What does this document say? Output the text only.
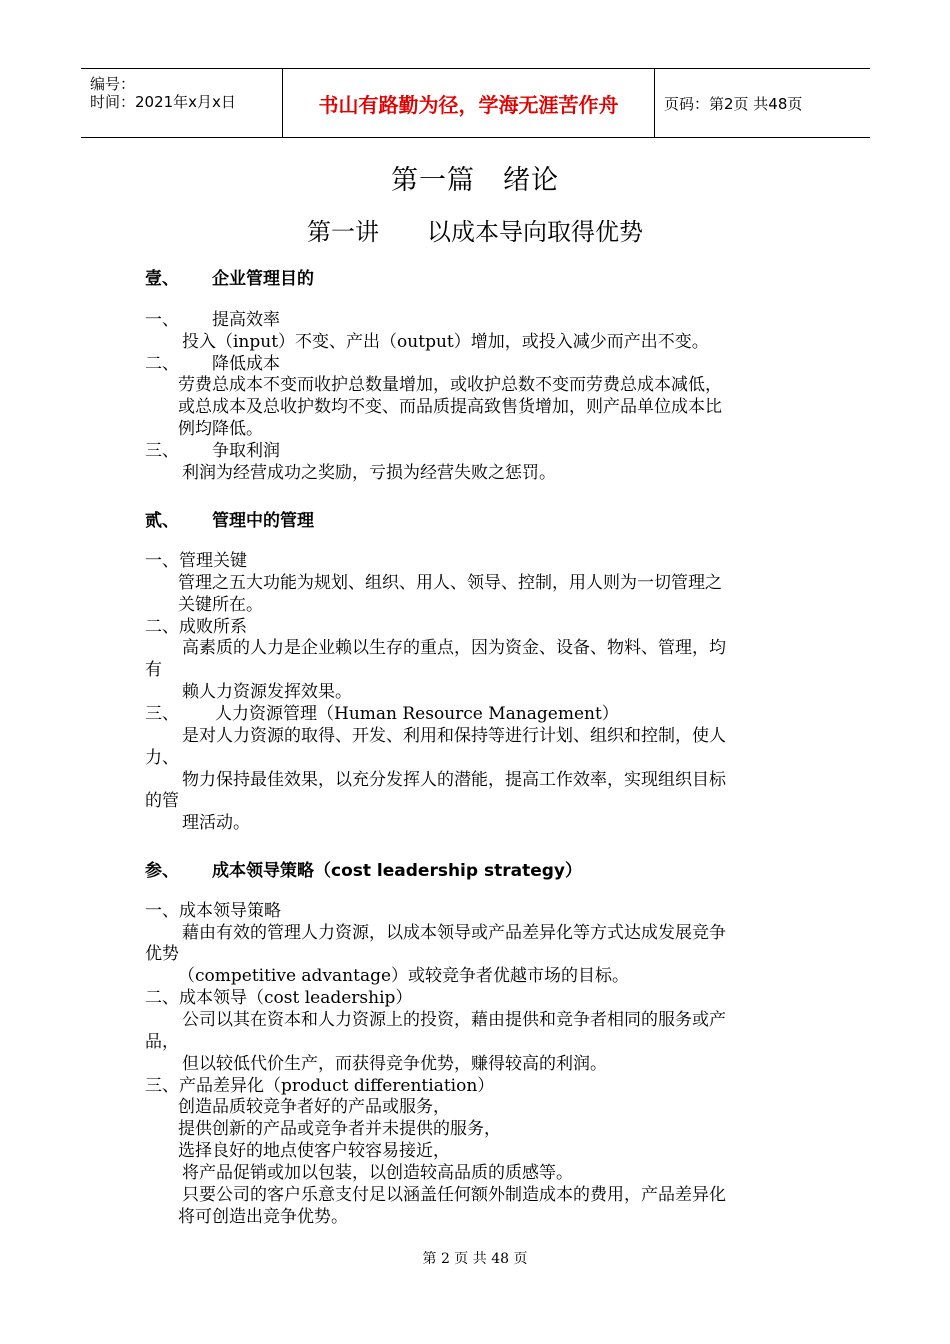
编号：
时间：2021年x月x日	书山有路勤为径，学海无涯苦作舟	页码：第2页 共48页
第一篇　绪论
第一讲　　以成本导向取得优势
壹、 企业管理目的
一、 提高效率
投入（input）不变、产出（output）增加，或投入减少而产出不变。
二、 降低成本
劳费总成本不变而收护总数量增加，或收护总数不变而劳费总成本减低，
或总成本及总收护数均不变、而品质提高致售货增加，则产品单位成本比
例均降低。
三、 争取利润
利润为经营成功之奖励，亏损为经营失败之惩罚。
贰、 管理中的管理
一、管理关键
管理之五大功能为规划、组织、用人、领导、控制，用人则为一切管理之
关键所在。
二、成败所系
高素质的人力是企业赖以生存的重点，因为资金、设备、物料、管理，均
有
赖人力资源发挥效果。
三、 人力资源管理（Human Resource Management）
是对人力资源的取得、开发、利用和保持等进行计划、组织和控制，使人
力、
物力保持最佳效果，以充分发挥人的潜能，提高工作效率，实现组织目标
的管
理活动。
参、 成本领导策略（cost leadership strategy）
一、成本领导策略
藉由有效的管理人力资源，以成本领导或产品差异化等方式达成发展竞争
优势
（competitive advantage）或较竞争者优越市场的目标。
二、成本领导（cost leadership）
公司以其在资本和人力资源上的投资，藉由提供和竞争者相同的服务或产
品，
但以较低代价生产，而获得竞争优势，赚得较高的利润。
三、产品差异化（product differentiation）
创造品质较竞争者好的产品或服务，
提供创新的产品或竞争者并未提供的服务，
选择良好的地点使客户较容易接近，
将产品促销或加以包装，以创造较高品质的质感等。
只要公司的客户乐意支付足以涵盖任何额外制造成本的费用，产品差异化
将可创造出竞争优势。
第 2 页 共 48 页
